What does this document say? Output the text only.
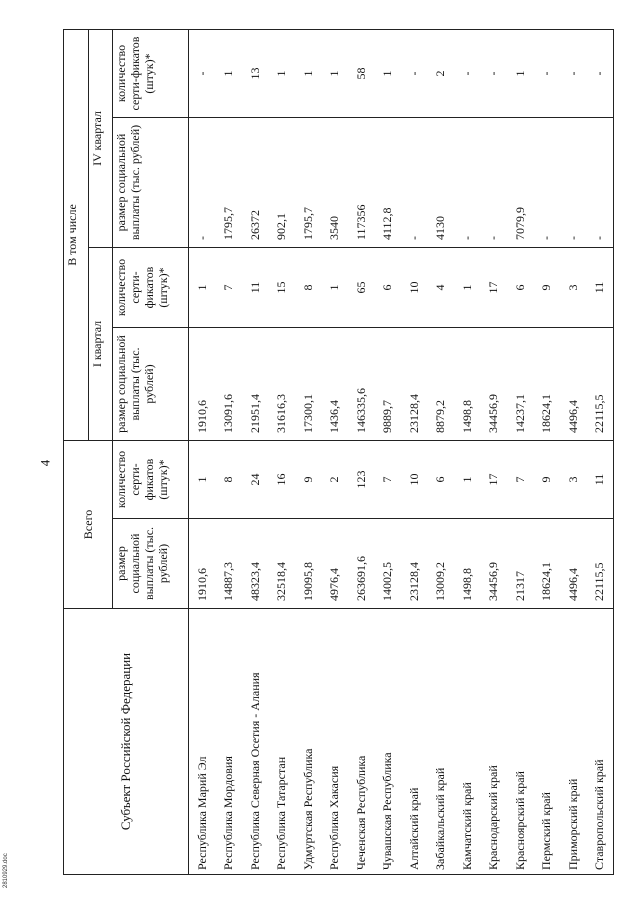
4
2810929.doc
Субъект Российской Федерации	Всего		В том числе			
			I квартал		IV квартал	
	размер социальной выплаты (тыс. рублей)	количество серти-фикатов (штук)*	размер социальной выплаты (тыс. рублей)	количество серти-фикатов (штук)*	размер социальной выплаты (тыс. рублей)	количество серти-фикатов (штук)*
Республика Марий Эл	1910,6	1	1910,6	1	-	-
Республика Мордовия	14887,3	8	13091,6	7	1795,7	1
Республика Северная Осетия - Алания	48323,4	24	21951,4	11	26372	13
Республика Татарстан	32518,4	16	31616,3	15	902,1	1
Удмуртская Республика	19095,8	9	17300,1	8	1795,7	1
Республика Хакасия	4976,4	2	1436,4	1	3540	1
Чеченская Республика	263691,6	123	146335,6	65	117356	58
Чувашская Республика	14002,5	7	9889,7	6	4112,8	1
Алтайский край	23128,4	10	23128,4	10	-	-
Забайкальский край	13009,2	6	8879,2	4	4130	2
Камчатский край	1498,8	1	1498,8	1	-	-
Краснодарский край	34456,9	17	34456,9	17	-	-
Красноярский край	21317	7	14237,1	6	7079,9	1
Пермский край	18624,1	9	18624,1	9	-	-
Приморский край	4496,4	3	4496,4	3	-	-
Ставропольский край	22115,5	11	22115,5	11	-	-
